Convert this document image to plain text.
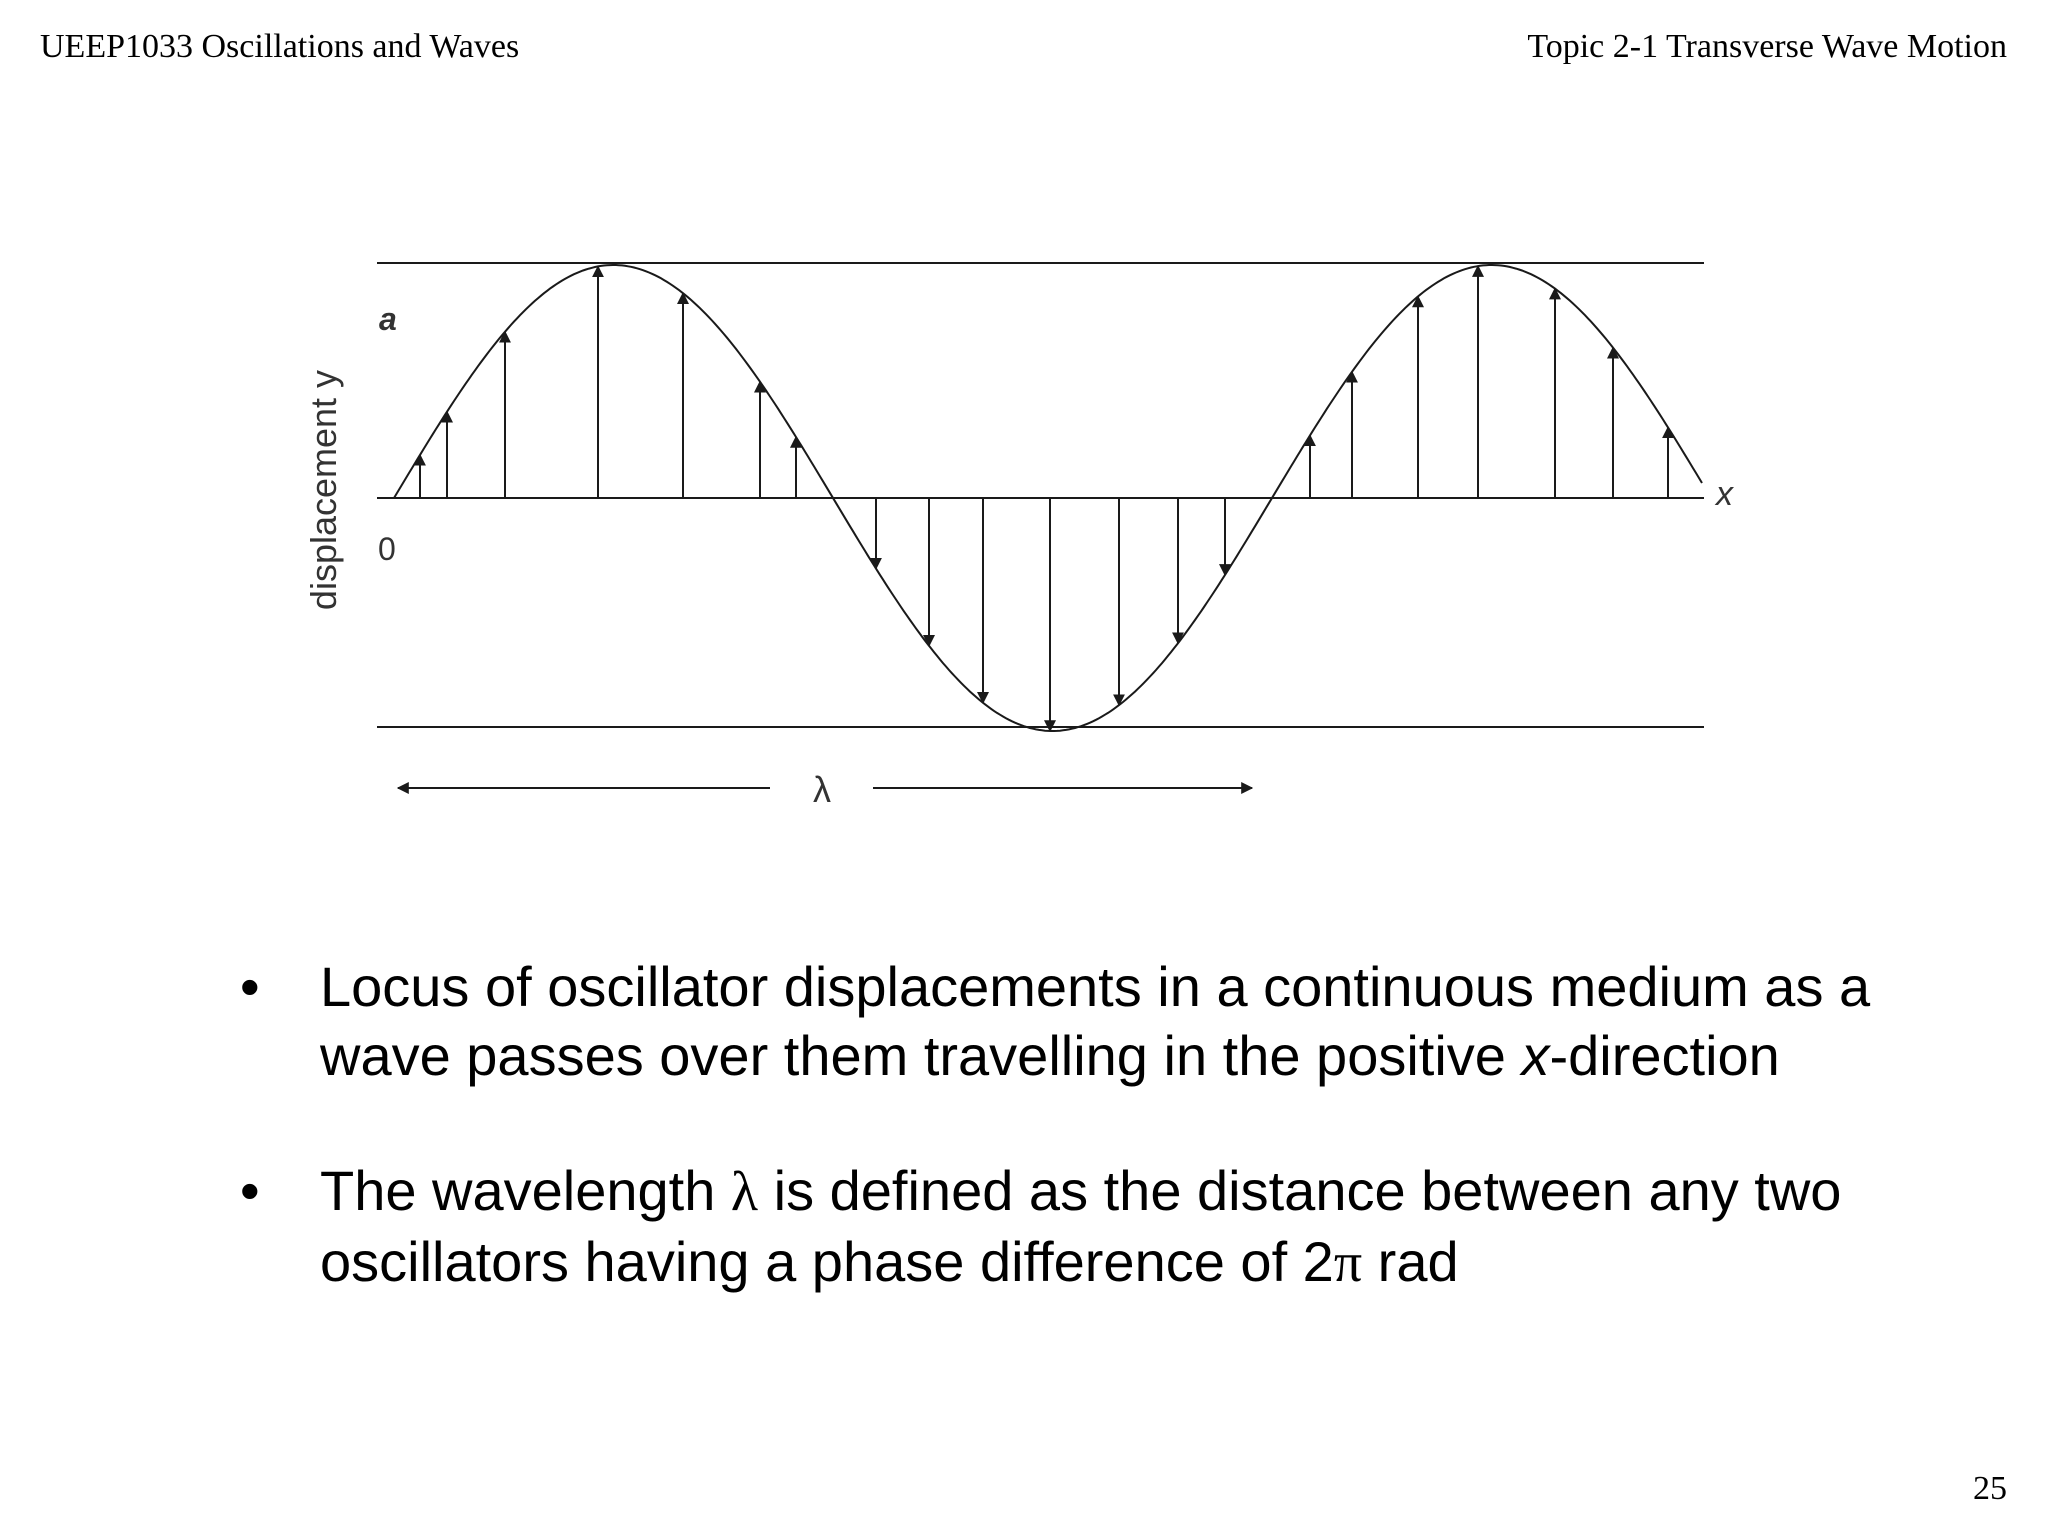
UEEP1033 Oscillations and Waves	Topic 2-1 Transverse Wave Motion
displacement y
a
0
x
λ
• Locus of oscillator displacements in a continuous medium as a wave passes over them travelling in the positive x-direction
• The wavelength λ is defined as the distance between any two oscillators having a phase difference of 2π rad
25
